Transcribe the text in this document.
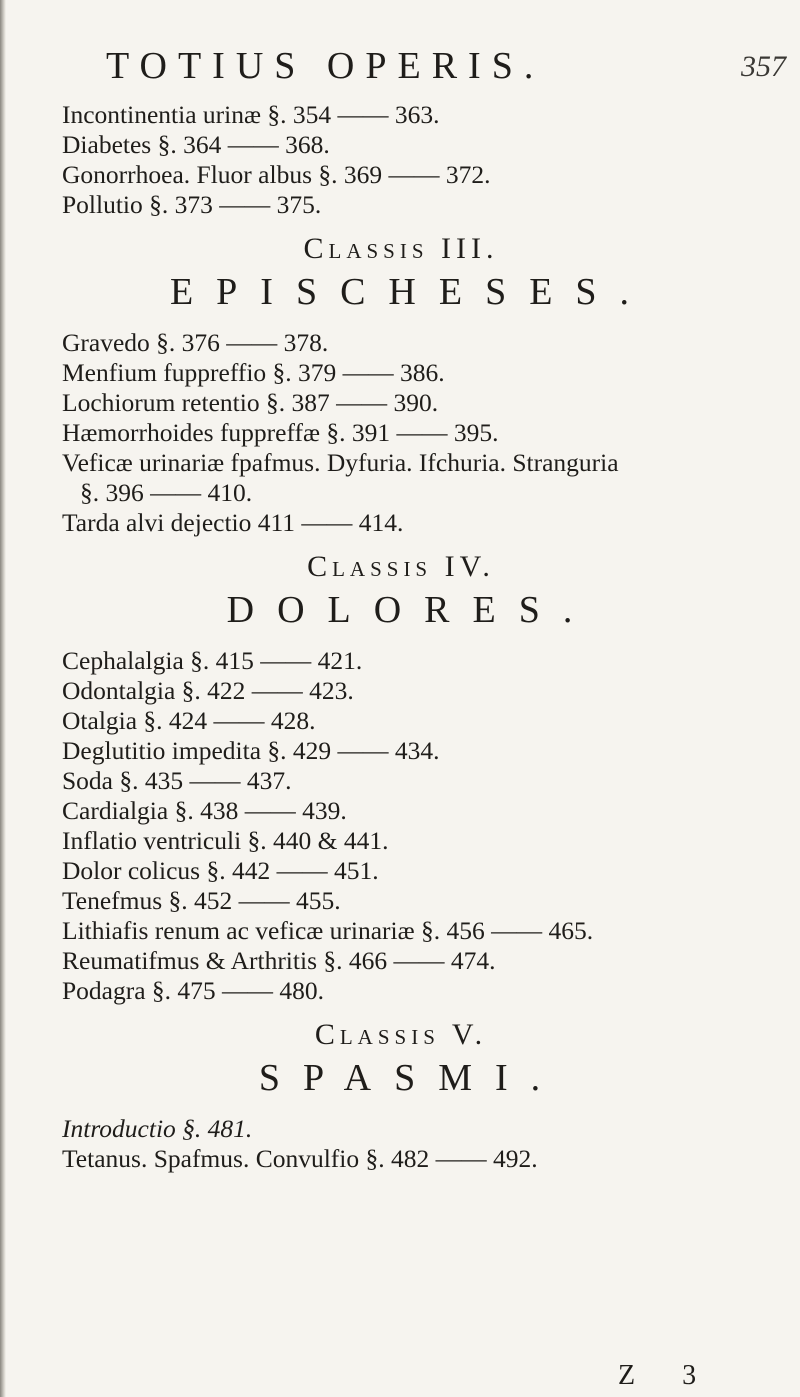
TOTIUS OPERIS.	357

Incontinentia urinæ §. 354 —— 363.

Diabetes §. 364 —— 368.

Gonorrhoea. Fluor albus §. 369 —— 372.

Pollutio §. 373 —— 375.

Classis III.
EPISCHESES.

Gravedo §. 376 —— 378.

Menfium fuppreffio §. 379 —— 386.

Lochiorum retentio §. 387 —— 390.

Hæmorrhoides fuppreffæ §. 391 —— 395.

Veficæ urinariæ fpafmus. Dyfuria. Ifchuria. Stranguria

§. 396 —— 410.

Tarda alvi dejectio 411 —— 414.

Classis IV.
DOLORES.

Cephalalgia §. 415 —— 421.

Odontalgia §. 422 —— 423.

Otalgia §. 424 —— 428.

Deglutitio impedita §. 429 —— 434.

Soda §. 435 —— 437.

Cardialgia §. 438 —— 439.

Inflatio ventriculi §. 440 & 441.

Dolor colicus §. 442 —— 451.

Tenefmus §. 452 —— 455.

Lithiafis renum ac veficæ urinariæ §. 456 —— 465.

Reumatifmus & Arthritis §. 466 —— 474.

Podagra §. 475 —— 480.

Classis V.
SPASMI.

Introductio §. 481.

Tetanus. Spafmus. Convulfio §. 482 —— 492.

Z 3
